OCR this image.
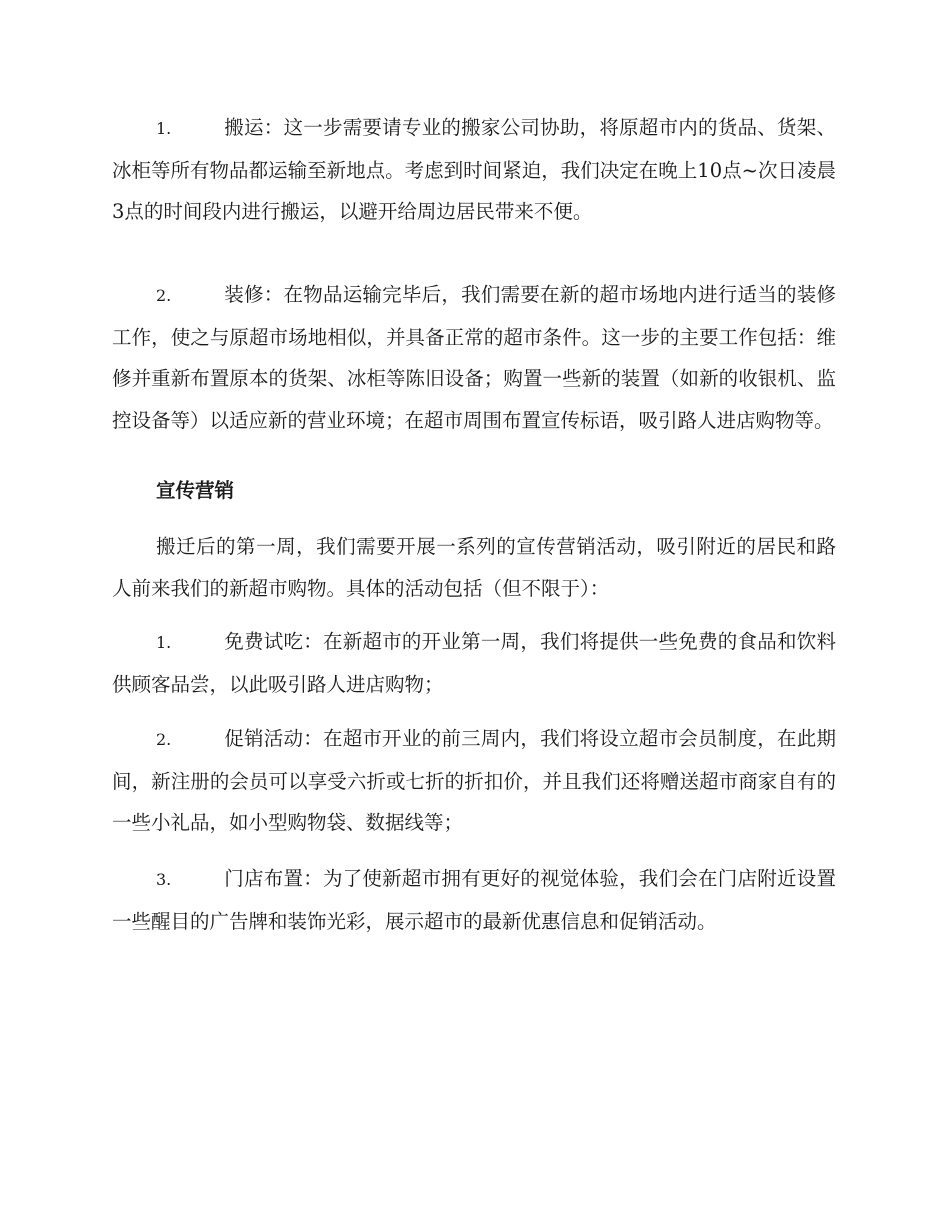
1.	搬运：这一步需要请专业的搬家公司协助，将原超市内的货品、货架、冰柜等所有物品都运输至新地点。考虑到时间紧迫，我们决定在晚上10点~次日凌晨3点的时间段内进行搬运，以避开给周边居民带来不便。
2.	装修：在物品运输完毕后，我们需要在新的超市场地内进行适当的装修工作，使之与原超市场地相似，并具备正常的超市条件。这一步的主要工作包括：维修并重新布置原本的货架、冰柜等陈旧设备；购置一些新的装置（如新的收银机、监控设备等）以适应新的营业环境；在超市周围布置宣传标语，吸引路人进店购物等。
宣传营销
搬迁后的第一周，我们需要开展一系列的宣传营销活动，吸引附近的居民和路人前来我们的新超市购物。具体的活动包括（但不限于）：
1.	免费试吃：在新超市的开业第一周，我们将提供一些免费的食品和饮料供顾客品尝，以此吸引路人进店购物；
2.	促销活动：在超市开业的前三周内，我们将设立超市会员制度，在此期间，新注册的会员可以享受六折或七折的折扣价，并且我们还将赠送超市商家自有的一些小礼品，如小型购物袋、数据线等；
3.	门店布置：为了使新超市拥有更好的视觉体验，我们会在门店附近设置一些醒目的广告牌和装饰光彩，展示超市的最新优惠信息和促销活动。
